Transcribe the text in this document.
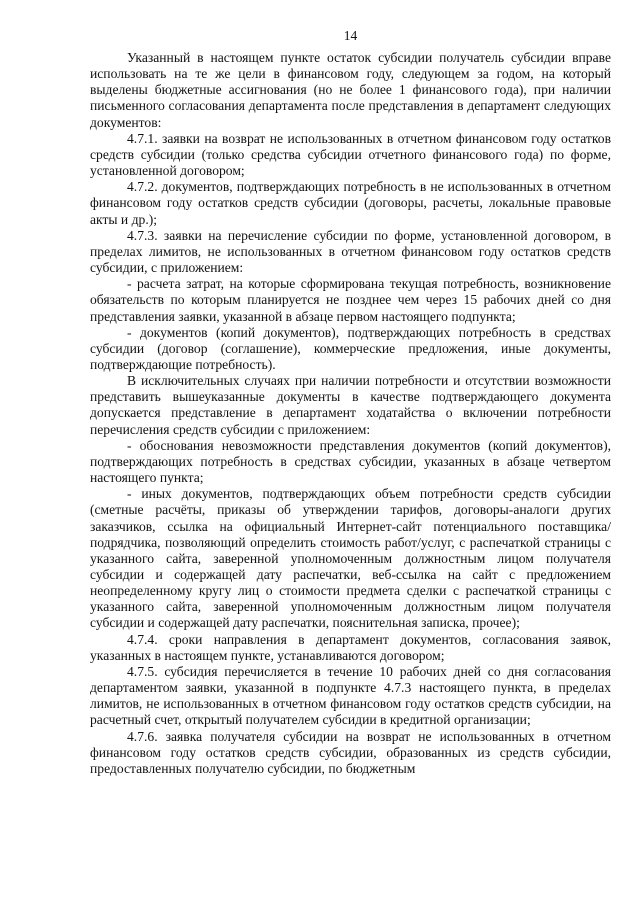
14

Указанный в настоящем пункте остаток субсидии получатель субсидии вправе использовать на те же цели в финансовом году, следующем за годом, на который выделены бюджетные ассигнования (но не более 1 финансового года), при наличии письменного согласования департамента после представления в департамент следующих документов:

4.7.1. заявки на возврат не использованных в отчетном финансовом году остатков средств субсидии (только средства субсидии отчетного финансового года) по форме, установленной договором;

4.7.2. документов, подтверждающих потребность в не использованных в отчетном финансовом году остатков средств субсидии (договоры, расчеты, локальные правовые акты и др.);

4.7.3. заявки на перечисление субсидии по форме, установленной договором, в пределах лимитов, не использованных в отчетном финансовом году остатков средств субсидии, с приложением:

- расчета затрат, на которые сформирована текущая потребность, возникновение обязательств по которым планируется не позднее чем через 15 рабочих дней со дня представления заявки, указанной в абзаце первом настоящего подпункта;

- документов (копий документов), подтверждающих потребность в средствах субсидии (договор (соглашение), коммерческие предложения, иные документы, подтверждающие потребность).

В исключительных случаях при наличии потребности и отсутствии возможности представить вышеуказанные документы в качестве подтверждающего документа допускается представление в департамент ходатайства о включении потребности перечисления средств субсидии с приложением:

- обоснования невозможности представления документов (копий документов), подтверждающих потребность в средствах субсидии, указанных в абзаце четвертом настоящего пункта;

- иных документов, подтверждающих объем потребности средств субсидии (сметные расчёты, приказы об утверждении тарифов, договоры-аналоги других заказчиков, ссылка на официальный Интернет-сайт потенциального поставщика/подрядчика, позволяющий определить стоимость работ/услуг, с распечаткой страницы с указанного сайта, заверенной уполномоченным должностным лицом получателя субсидии и содержащей дату распечатки, веб-ссылка на сайт с предложением неопределенному кругу лиц о стоимости предмета сделки с распечаткой страницы с указанного сайта, заверенной уполномоченным должностным лицом получателя субсидии и содержащей дату распечатки, пояснительная записка, прочее);

4.7.4. сроки направления в департамент документов, согласования заявок, указанных в настоящем пункте, устанавливаются договором;

4.7.5. субсидия перечисляется в течение 10 рабочих дней со дня согласования департаментом заявки, указанной в подпункте 4.7.3 настоящего пункта, в пределах лимитов, не использованных в отчетном финансовом году остатков средств субсидии, на расчетный счет, открытый получателем субсидии в кредитной организации;

4.7.6. заявка получателя субсидии на возврат не использованных в отчетном финансовом году остатков средств субсидии, образованных из средств субсидии, предоставленных получателю субсидии, по бюджетным
